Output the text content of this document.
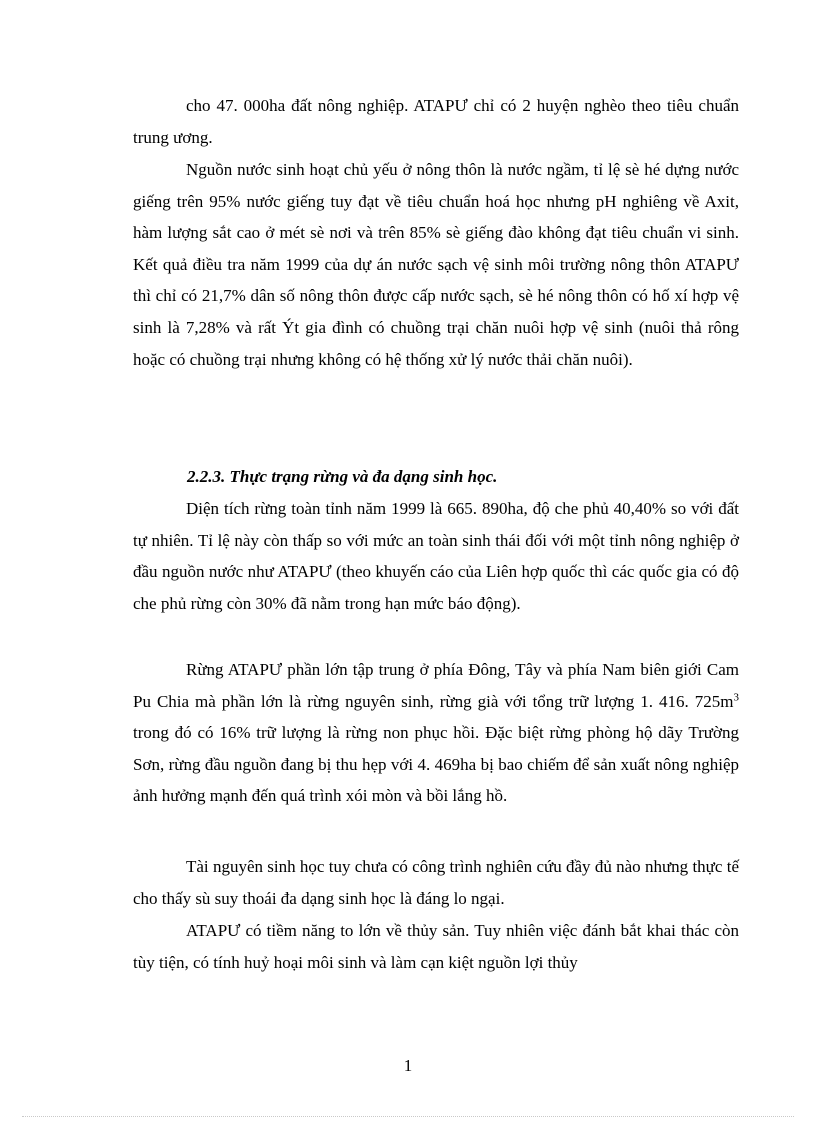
cho 47. 000ha đất nông nghiệp. ATAPƯ chỉ có 2 huyện nghèo theo tiêu chuẩn trung ương.

Nguồn nước sinh hoạt chủ yếu ở nông thôn là nước ngầm, tỉ lệ sè hé dựng nước giếng trên 95% nước giếng tuy đạt về tiêu chuẩn hoá học nhưng pH nghiêng về Axit, hàm lượng sắt cao ở mét sè nơi và trên 85% sè giếng đào không đạt tiêu chuẩn vi sinh. Kết quả điều tra năm 1999 của dự án nước sạch vệ sinh môi trường nông thôn ATAPƯ thì chỉ có 21,7% dân số nông thôn được cấp nước sạch, sè hé nông thôn có hố xí hợp vệ sinh là 7,28% và rất Ýt gia đình có chuồng trại chăn nuôi hợp vệ sinh (nuôi thả rông hoặc có chuồng trại nhưng không có hệ thống xử lý nước thải chăn nuôi).

2.2.3. Thực trạng rừng và đa dạng sinh học.

Diện tích rừng toàn tỉnh năm 1999 là 665. 890ha, độ che phủ 40,40% so với đất tự nhiên. Tỉ lệ này còn thấp so với mức an toàn sinh thái đối với một tỉnh nông nghiệp ở đầu nguồn nước như ATAPƯ (theo khuyến cáo của Liên hợp quốc thì các quốc gia có độ che phủ rừng còn 30% đã nằm trong hạn mức báo động).

Rừng ATAPƯ phần lớn tập trung ở phía Đông, Tây và phía Nam biên giới Cam Pu Chia mà phần lớn là rừng nguyên sinh, rừng già với tổng trữ lượng 1. 416. $725m^3$ trong đó có 16% trữ lượng là rừng non phục hồi. Đặc biệt rừng phòng hộ dãy Trường Sơn, rừng đầu nguồn đang bị thu hẹp với 4. 469ha bị bao chiếm để sản xuất nông nghiệp ảnh hưởng mạnh đến quá trình xói mòn và bồi lắng hồ.

Tài nguyên sinh học tuy chưa có công trình nghiên cứu đầy đủ nào nhưng thực tế cho thấy sù suy thoái đa dạng sinh học là đáng lo ngại.

ATAPƯ có tiềm năng to lớn về thủy sản. Tuy nhiên việc đánh bắt khai thác còn tùy tiện, có tính huỷ hoại môi sinh và làm cạn kiệt nguồn lợi thủy

1
